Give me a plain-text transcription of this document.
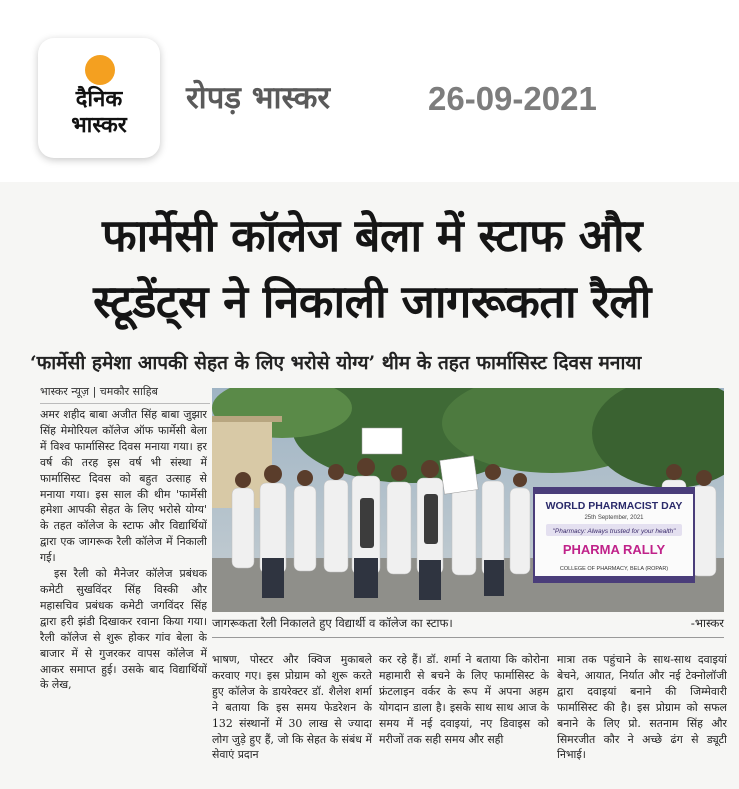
दैनिक
भास्कर
रोपड़ भास्कर	26-09-2021
फार्मेसी कॉलेज बेला में स्टाफ और
स्टूडेंट्स ने निकाली जागरूकता रैली
‘फार्मेसी हमेशा आपकी सेहत के लिए भरोसे योग्य’ थीम के तहत फार्मासिस्ट दिवस मनाया
भास्कर न्यूज़ | चमकौर साहिब

अमर शहीद बाबा अजीत सिंह बाबा जुझार सिंह मेमोरियल कॉलेज ऑफ फार्मेसी बेला में विश्व फार्मासिस्ट दिवस मनाया गया। हर वर्ष की तरह इस वर्ष भी संस्था में फार्मासिस्ट दिवस को बहुत उत्साह से मनाया गया। इस साल की थीम 'फार्मेसी हमेशा आपकी सेहत के लिए भरोसे योग्य' के तहत कॉलेज के स्टाफ और विद्यार्थियों द्वारा एक जागरूक रैली कॉलेज में निकाली गई।

इस रैली को मैनेजर कॉलेज प्रबंधक कमेटी सुखविंदर सिंह विस्की और महासचिव प्रबंधक कमेटी जगविंदर सिंह द्वारा हरी झंडी दिखाकर रवाना किया गया। रैली कॉलेज से शुरू होकर गांव बेला के बाजार में से गुजरकर वापस कॉलेज में आकर समाप्त हुई। उसके बाद विद्यार्थियों के लेख,

WORLD PHARMACIST DAY
25th September, 2021
"Pharmacy: Always trusted for your health"
PHARMA RALLY
COLLEGE OF PHARMACY, BELA (ROPAR)
जागरूकता रैली निकालते हुए विद्यार्थी व कॉलेज का स्टाफ।	-भास्कर

भाषण, पोस्टर और क्विज मुकाबले करवाए गए। इस प्रोग्राम को शुरू करते हुए कॉलेज के डायरेक्टर डॉ. शैलेश शर्मा ने बताया कि इस समय फेडरेशन के 132 संस्थानों में 30 लाख से ज्यादा लोग जुड़े हुए हैं, जो कि सेहत के संबंध में सेवाएं प्रदान

कर रहे हैं। डॉ. शर्मा ने बताया कि कोरोना महामारी से बचने के लिए फार्मासिस्ट के फ्रंटलाइन वर्कर के रूप में अपना अहम योगदान डाला है। इसके साथ साथ आज के समय में नई दवाइयां, नए डिवाइस को मरीजों तक सही समय और सही

मात्रा तक पहुंचाने के साथ-साथ दवाइयां बेचने, आयात, निर्यात और नई टेक्नोलॉजी द्वारा दवाइयां बनाने की जिम्मेवारी फार्मासिस्ट की है। इस प्रोग्राम को सफल बनाने के लिए प्रो. सतनाम सिंह और सिमरजीत कौर ने अच्छे ढंग से ड्यूटी निभाई।
